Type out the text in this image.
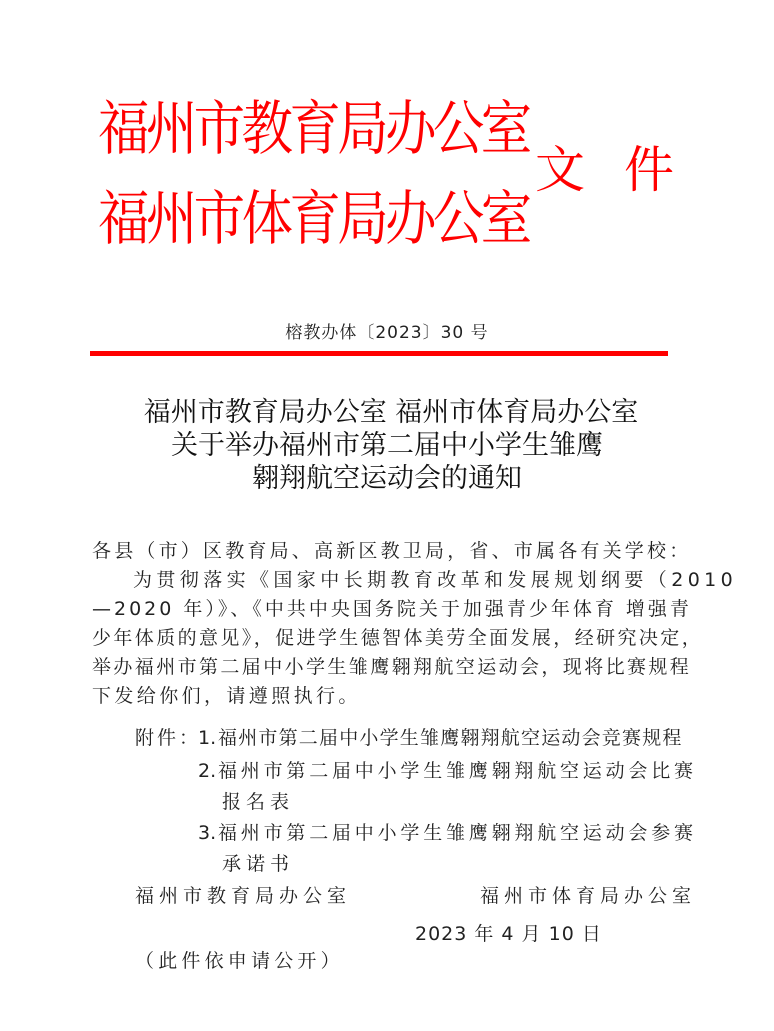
福州市教育局办公室
福州市体育局办公室
文 件
榕教办体〔2023〕30 号
福州市教育局办公室 福州市体育局办公室
关于举办福州市第二届中小学生雏鹰
翱翔航空运动会的通知
各县（市）区教育局、高新区教卫局，省、市属各有关学校：
为贯彻落实《国家中长期教育改革和发展规划纲要（2010
—2020 年）》、《中共中央国务院关于加强青少年体育 增强青
少年体质的意见》，促进学生德智体美劳全面发展，经研究决定，
举办福州市第二届中小学生雏鹰翱翔航空运动会，现将比赛规程
下发给你们，请遵照执行。
附件：
1. 福州市第二届中小学生雏鹰翱翔航空运动会竞赛规程
2. 福州市第二届中小学生雏鹰翱翔航空运动会比赛
报名表
3. 福州市第二届中小学生雏鹰翱翔航空运动会参赛
承诺书
福州市教育局办公室	福州市体育局办公室
2023 年 4 月 10 日
（此件依申请公开）
